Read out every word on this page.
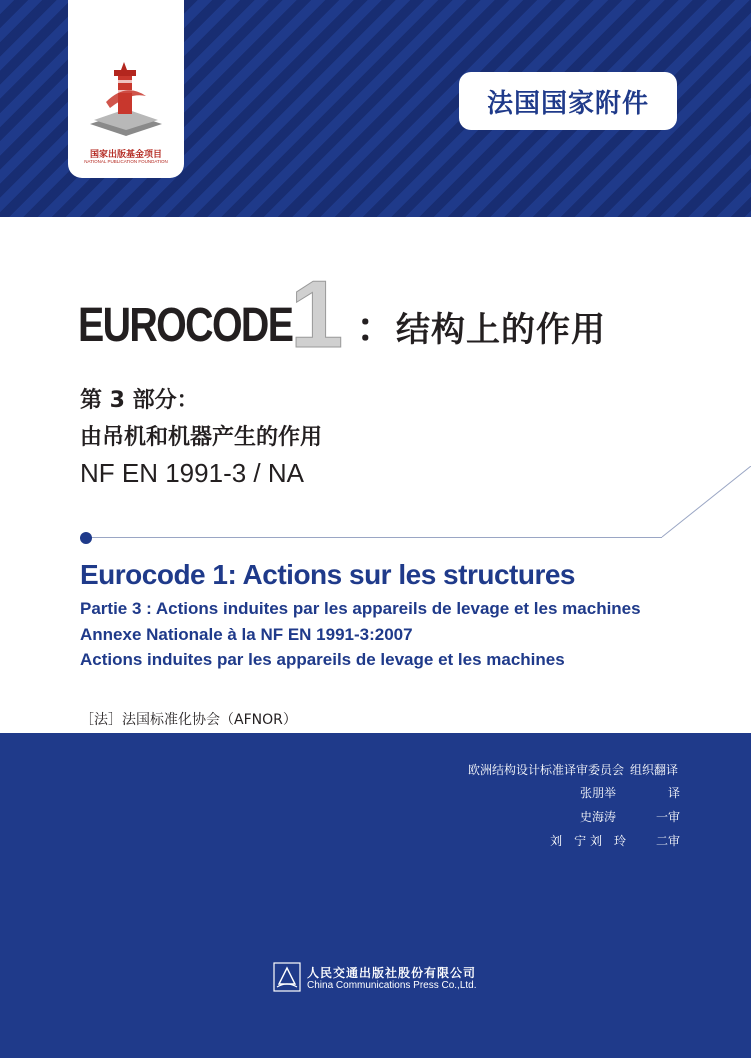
国家出版基金项目
NATIONAL PUBLICATION FOUNDATION
法国国家附件
EUROCODE
1 ： 结构上的作用
第 3 部分：
由吊机和机器产生的作用
NF EN 1991-3 / NA
Eurocode 1: Actions sur les structures
Partie 3 : Actions induites par les appareils de levage et les machines
Annexe Nationale à la NF EN 1991-3:2007
Actions induites par les appareils de levage et les machines
［法］法国标准化协会（AFNOR）
欧洲结构设计标准译审委员会 组织翻译
张朋举	译
史海涛	一审
刘　宁 刘　玲	二审
人民交通出版社股份有限公司
China Communications Press Co.,Ltd.
